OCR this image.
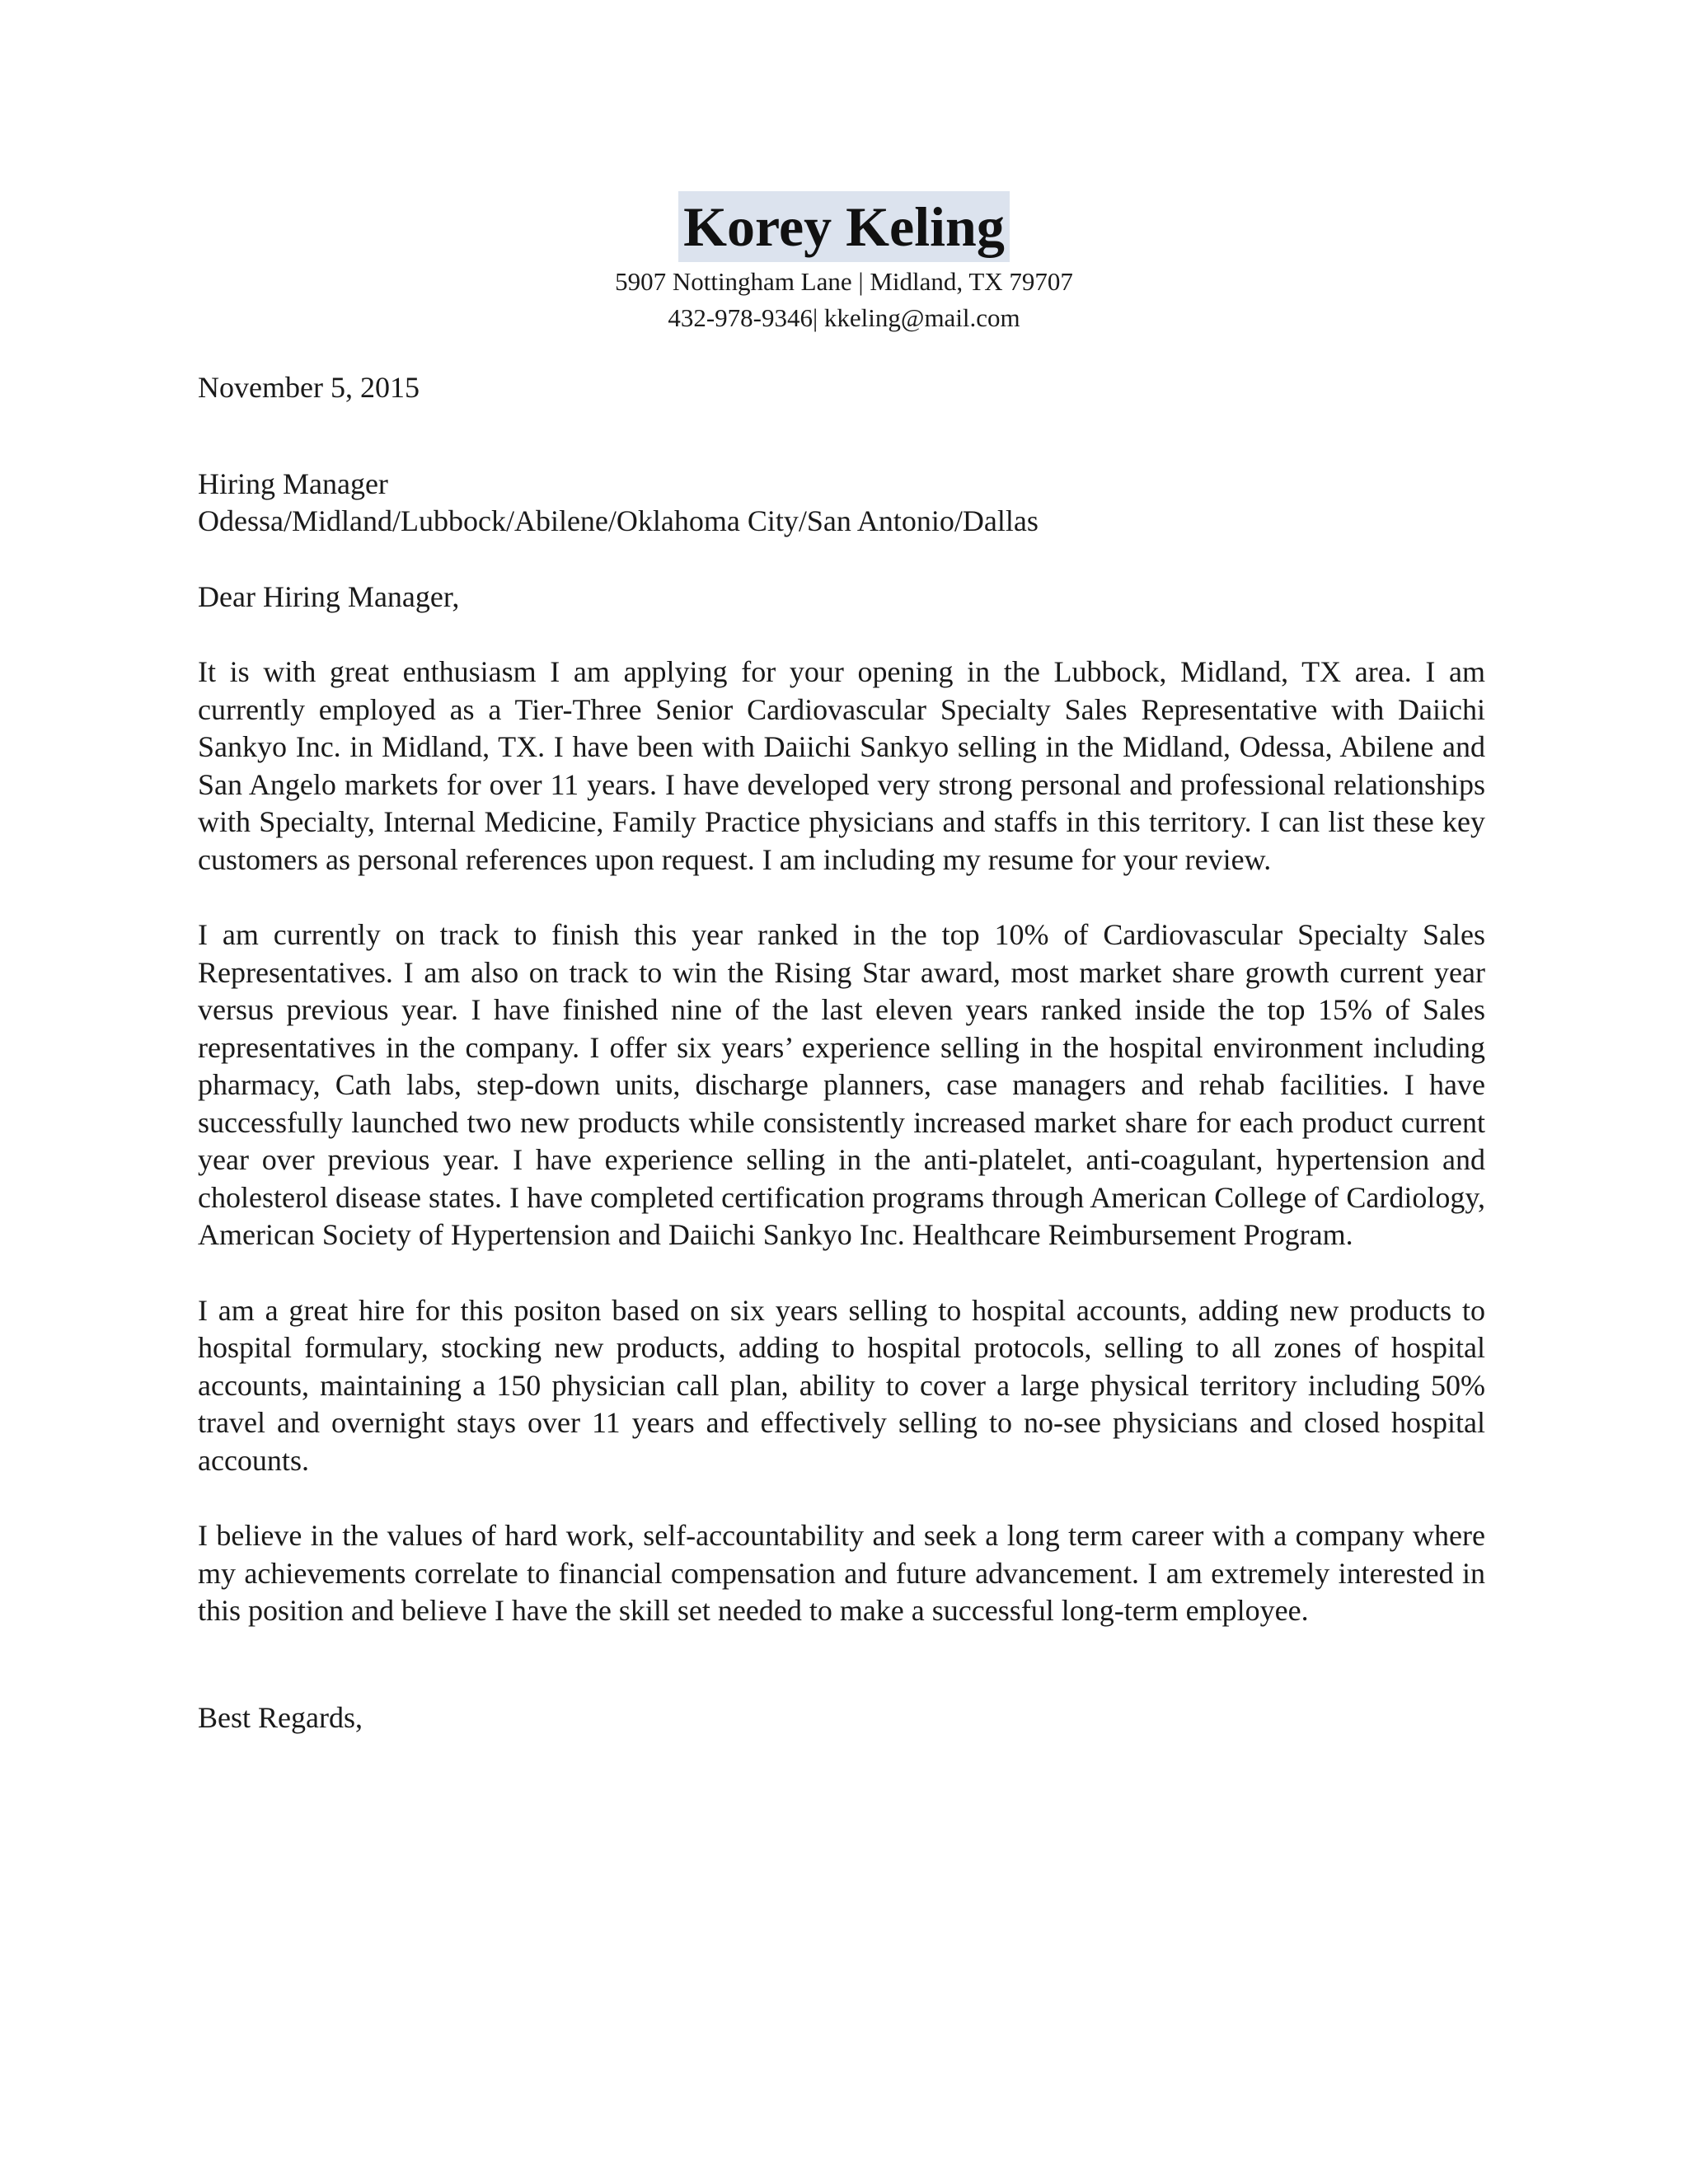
Korey Keling
5907 Nottingham Lane | Midland, TX 79707
432-978-9346| kkeling@mail.com

November 5, 2015

Hiring Manager
Odessa/Midland/Lubbock/Abilene/Oklahoma City/San Antonio/Dallas

Dear Hiring Manager,

It is with great enthusiasm I am applying for your opening in the Lubbock, Midland, TX area. I am currently employed as a Tier-Three Senior Cardiovascular Specialty Sales Representative with Daiichi Sankyo Inc. in Midland, TX. I have been with Daiichi Sankyo selling in the Midland, Odessa, Abilene and San Angelo markets for over 11 years. I have developed very strong personal and professional relationships with Specialty, Internal Medicine, Family Practice physicians and staffs in this territory. I can list these key customers as personal references upon request. I am including my resume for your review.

I am currently on track to finish this year ranked in the top 10% of Cardiovascular Specialty Sales Representatives. I am also on track to win the Rising Star award, most market share growth current year versus previous year. I have finished nine of the last eleven years ranked inside the top 15% of Sales representatives in the company. I offer six years’ experience selling in the hospital environment including pharmacy, Cath labs, step-down units, discharge planners, case managers and rehab facilities. I have successfully launched two new products while consistently increased market share for each product current year over previous year. I have experience selling in the anti-platelet, anti-coagulant, hypertension and cholesterol disease states. I have completed certification programs through American College of Cardiology, American Society of Hypertension and Daiichi Sankyo Inc. Healthcare Reimbursement Program.

I am a great hire for this positon based on six years selling to hospital accounts, adding new products to hospital formulary, stocking new products, adding to hospital protocols, selling to all zones of hospital accounts, maintaining a 150 physician call plan, ability to cover a large physical territory including 50% travel and overnight stays over 11 years and effectively selling to no-see physicians and closed hospital accounts.

I believe in the values of hard work, self-accountability and seek a long term career with a company where my achievements correlate to financial compensation and future advancement. I am extremely interested in this position and believe I have the skill set needed to make a successful long-term employee.

Best Regards,
